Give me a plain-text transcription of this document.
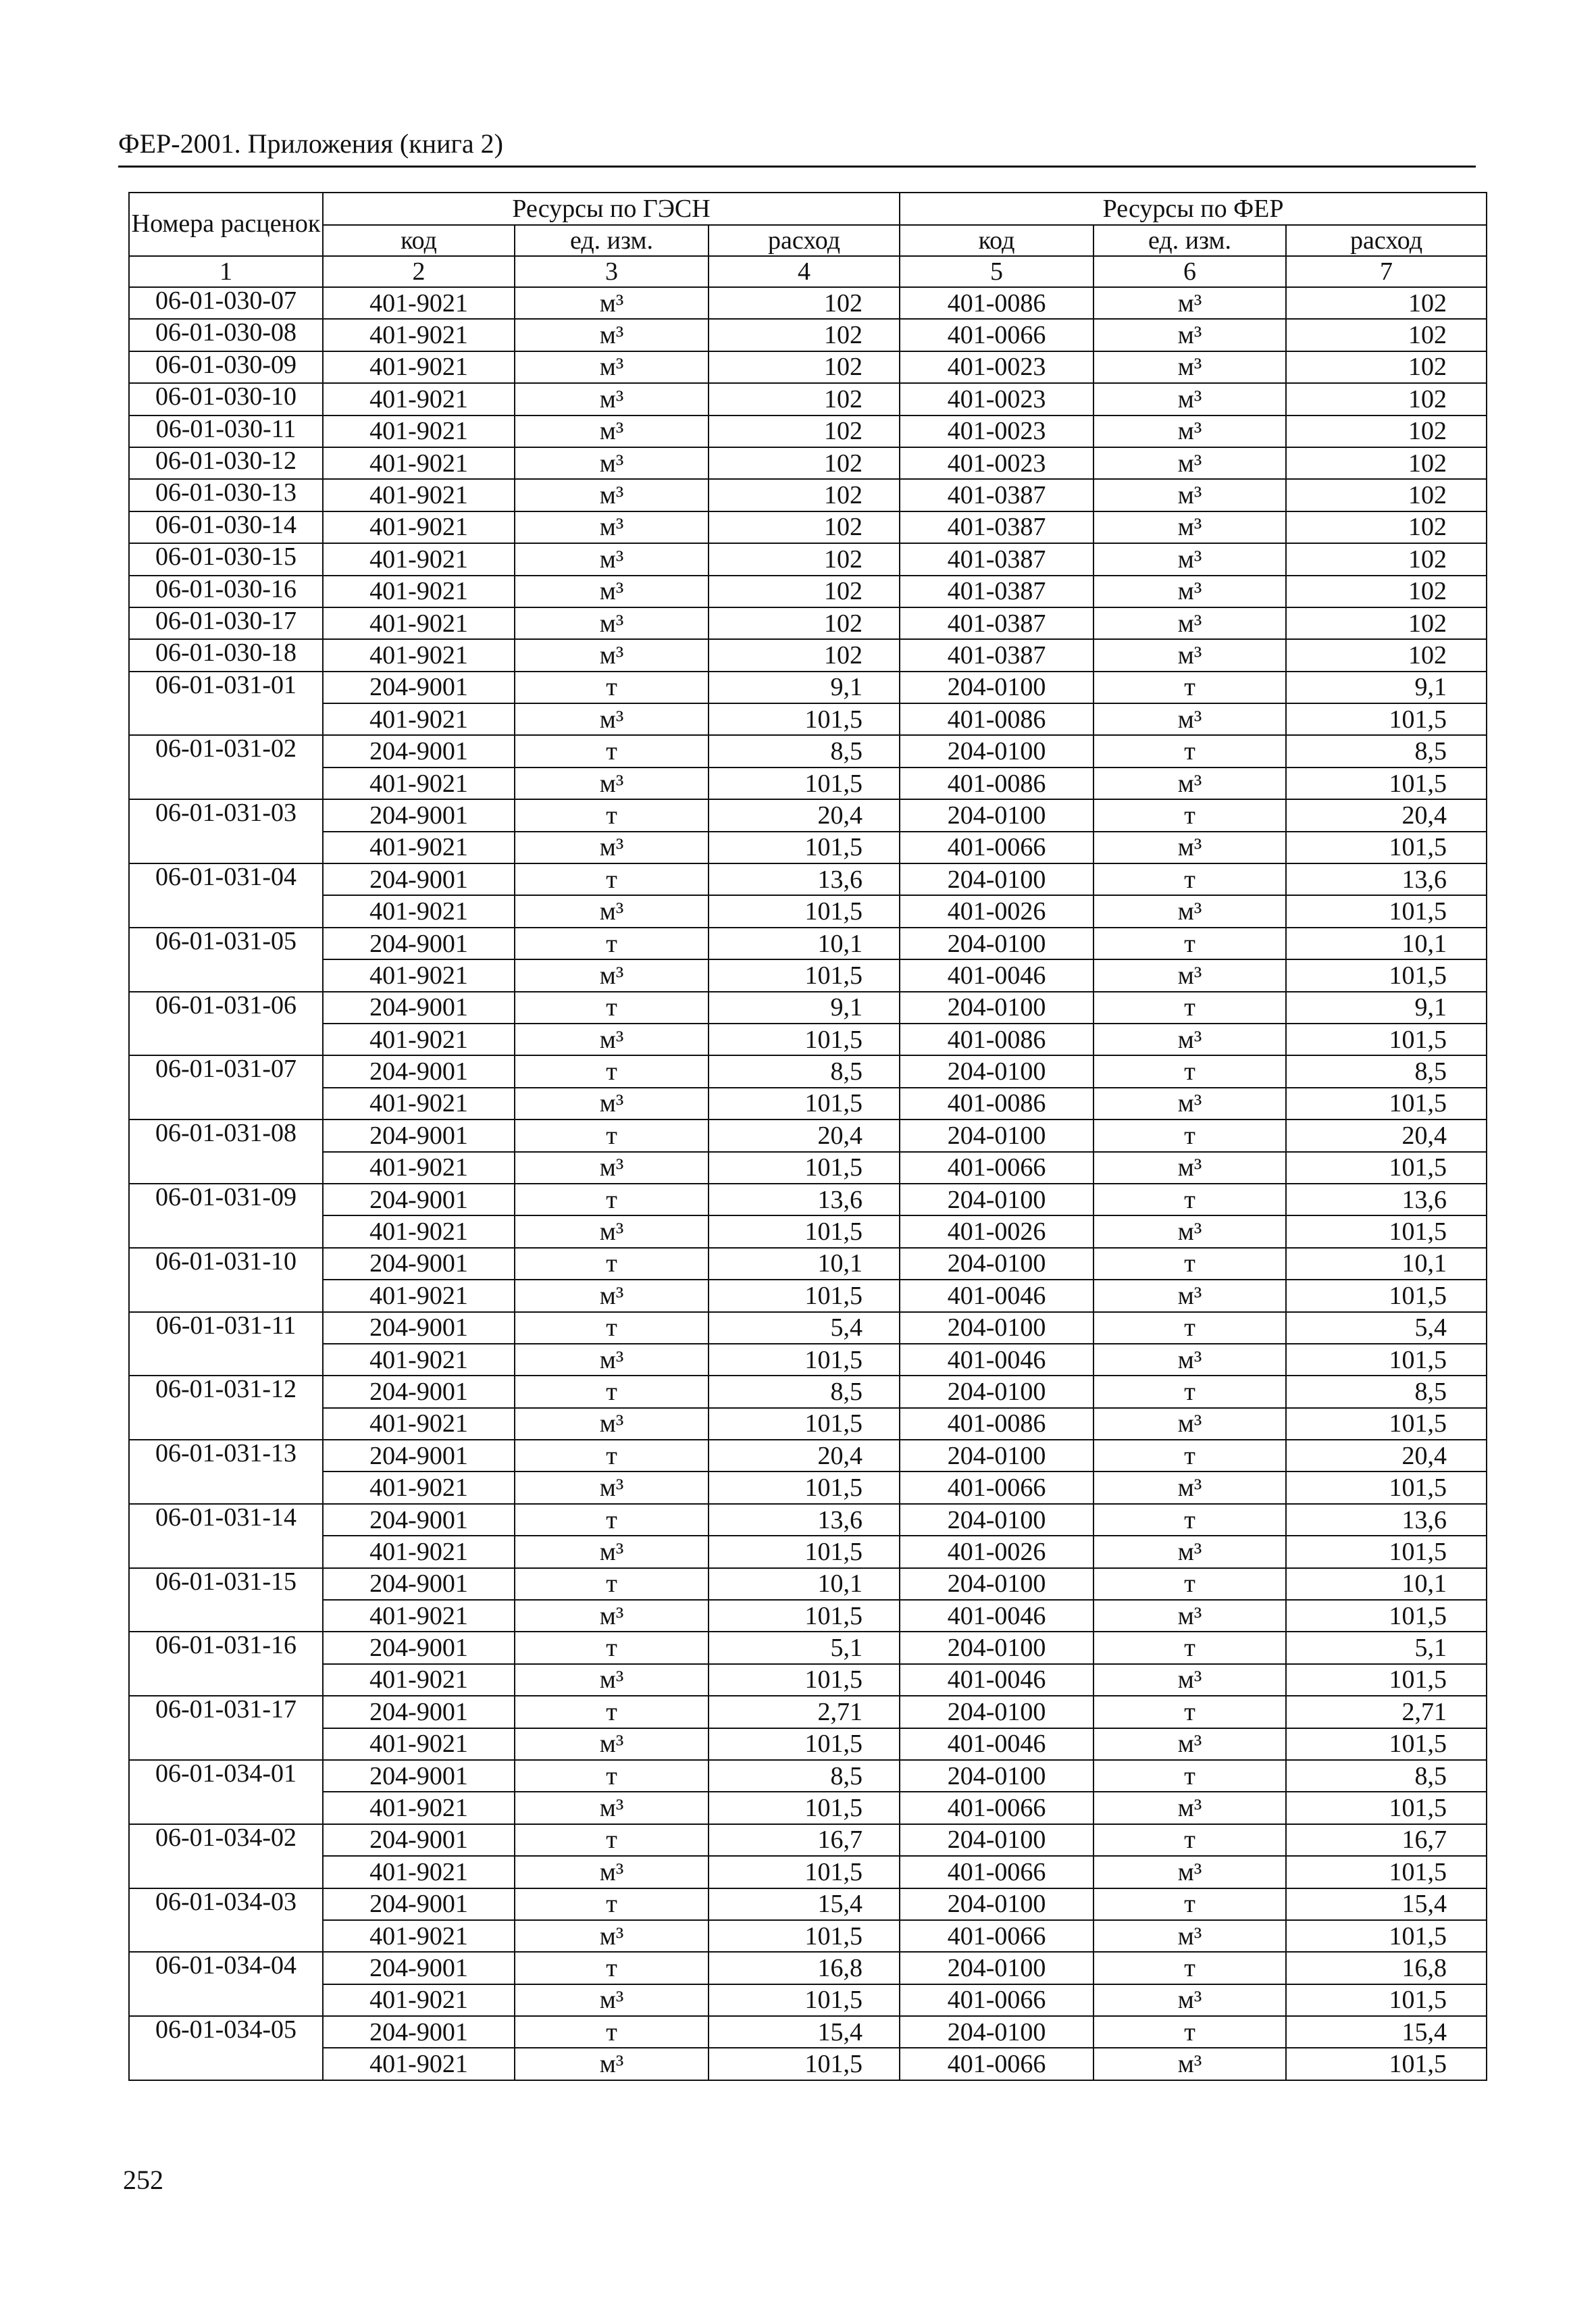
ФЕР-2001. Приложения (книга 2)
Номера расценок	Ресурсы по ГЭСН			Ресурсы по ФЕР		
	код	ед. изм.	расход	код	ед. изм.	расход
1	2	3	4	5	6	7
06-01-030-07	401-9021	м³	102	401-0086	м³	102
06-01-030-08	401-9021	м³	102	401-0066	м³	102
06-01-030-09	401-9021	м³	102	401-0023	м³	102
06-01-030-10	401-9021	м³	102	401-0023	м³	102
06-01-030-11	401-9021	м³	102	401-0023	м³	102
06-01-030-12	401-9021	м³	102	401-0023	м³	102
06-01-030-13	401-9021	м³	102	401-0387	м³	102
06-01-030-14	401-9021	м³	102	401-0387	м³	102
06-01-030-15	401-9021	м³	102	401-0387	м³	102
06-01-030-16	401-9021	м³	102	401-0387	м³	102
06-01-030-17	401-9021	м³	102	401-0387	м³	102
06-01-030-18	401-9021	м³	102	401-0387	м³	102
06-01-031-01	204-9001	т	9,1	204-0100	т	9,1
	401-9021	м³	101,5	401-0086	м³	101,5
06-01-031-02	204-9001	т	8,5	204-0100	т	8,5
	401-9021	м³	101,5	401-0086	м³	101,5
06-01-031-03	204-9001	т	20,4	204-0100	т	20,4
	401-9021	м³	101,5	401-0066	м³	101,5
06-01-031-04	204-9001	т	13,6	204-0100	т	13,6
	401-9021	м³	101,5	401-0026	м³	101,5
06-01-031-05	204-9001	т	10,1	204-0100	т	10,1
	401-9021	м³	101,5	401-0046	м³	101,5
06-01-031-06	204-9001	т	9,1	204-0100	т	9,1
	401-9021	м³	101,5	401-0086	м³	101,5
06-01-031-07	204-9001	т	8,5	204-0100	т	8,5
	401-9021	м³	101,5	401-0086	м³	101,5
06-01-031-08	204-9001	т	20,4	204-0100	т	20,4
	401-9021	м³	101,5	401-0066	м³	101,5
06-01-031-09	204-9001	т	13,6	204-0100	т	13,6
	401-9021	м³	101,5	401-0026	м³	101,5
06-01-031-10	204-9001	т	10,1	204-0100	т	10,1
	401-9021	м³	101,5	401-0046	м³	101,5
06-01-031-11	204-9001	т	5,4	204-0100	т	5,4
	401-9021	м³	101,5	401-0046	м³	101,5
06-01-031-12	204-9001	т	8,5	204-0100	т	8,5
	401-9021	м³	101,5	401-0086	м³	101,5
06-01-031-13	204-9001	т	20,4	204-0100	т	20,4
	401-9021	м³	101,5	401-0066	м³	101,5
06-01-031-14	204-9001	т	13,6	204-0100	т	13,6
	401-9021	м³	101,5	401-0026	м³	101,5
06-01-031-15	204-9001	т	10,1	204-0100	т	10,1
	401-9021	м³	101,5	401-0046	м³	101,5
06-01-031-16	204-9001	т	5,1	204-0100	т	5,1
	401-9021	м³	101,5	401-0046	м³	101,5
06-01-031-17	204-9001	т	2,71	204-0100	т	2,71
	401-9021	м³	101,5	401-0046	м³	101,5
06-01-034-01	204-9001	т	8,5	204-0100	т	8,5
	401-9021	м³	101,5	401-0066	м³	101,5
06-01-034-02	204-9001	т	16,7	204-0100	т	16,7
	401-9021	м³	101,5	401-0066	м³	101,5
06-01-034-03	204-9001	т	15,4	204-0100	т	15,4
	401-9021	м³	101,5	401-0066	м³	101,5
06-01-034-04	204-9001	т	16,8	204-0100	т	16,8
	401-9021	м³	101,5	401-0066	м³	101,5
06-01-034-05	204-9001	т	15,4	204-0100	т	15,4
	401-9021	м³	101,5	401-0066	м³	101,5
252
